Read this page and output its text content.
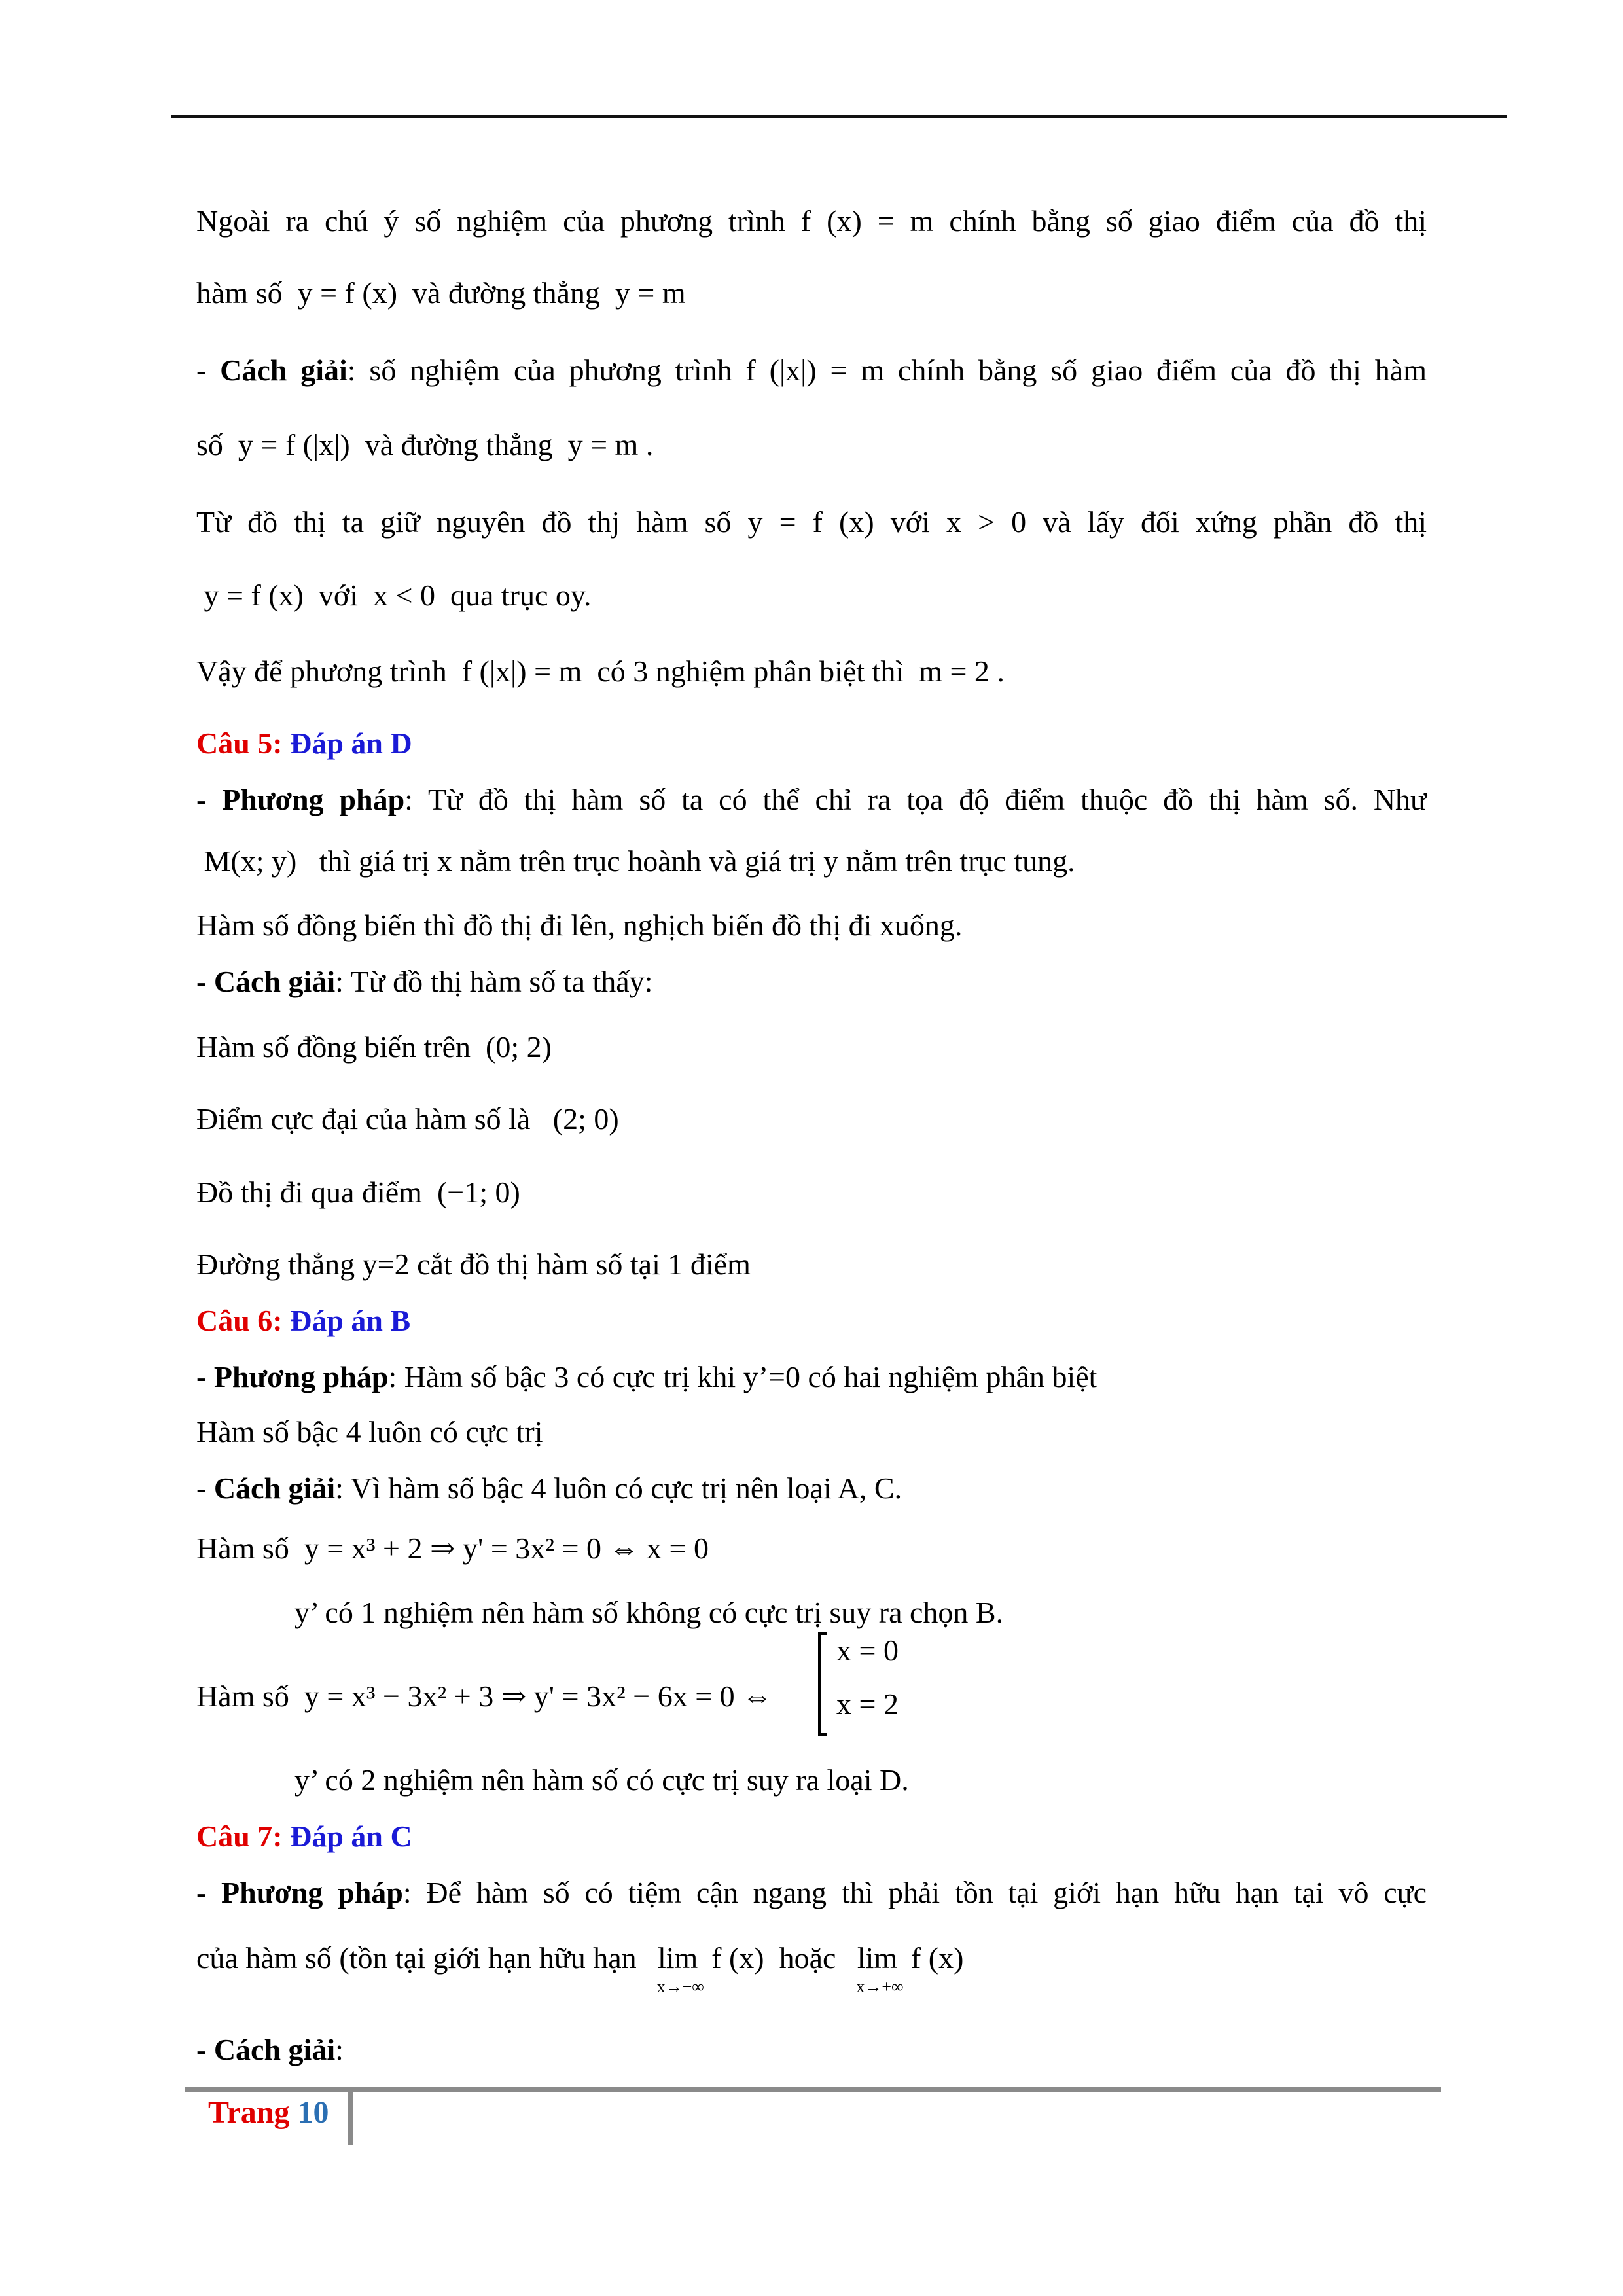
Ngoài ra chú ý số nghiệm của phương trình f (x) = m chính bằng số giao điểm của đồ thị
hàm số y = f (x) và đường thẳng y = m
- Cách giải: số nghiệm của phương trình f (|x|) = m chính bằng số giao điểm của đồ thị hàm
số y = f (|x|) và đường thẳng y = m .
Từ đồ thị ta giữ nguyên đồ thj hàm số y = f (x) với x > 0 và lấy đối xứng phần đồ thị
y = f (x) với x < 0 qua trục oy.
Vậy để phương trình f (|x|) = m có 3 nghiệm phân biệt thì m = 2 .
Câu 5: Đáp án D
- Phương pháp: Từ đồ thị hàm số ta có thể chỉ ra tọa độ điểm thuộc đồ thị hàm số. Như
M(x; y) thì giá trị x nằm trên trục hoành và giá trị y nằm trên trục tung.
Hàm số đồng biến thì đồ thị đi lên, nghịch biến đồ thị đi xuống.
- Cách giải: Từ đồ thị hàm số ta thấy:
Hàm số đồng biến trên (0; 2)
Điểm cực đại của hàm số là (2; 0)
Đồ thị đi qua điểm (−1; 0)
Đường thẳng y=2 cắt đồ thị hàm số tại 1 điểm
Câu 6: Đáp án B
- Phương pháp: Hàm số bậc 3 có cực trị khi y’=0 có hai nghiệm phân biệt
Hàm số bậc 4 luôn có cực trị
- Cách giải: Vì hàm số bậc 4 luôn có cực trị nên loại A, C.
Hàm số y = x³ + 2 ⇒ y' = 3x² = 0 ⇔ x = 0
y’ có 1 nghiệm nên hàm số không có cực trị suy ra chọn B.
Hàm số y = x³ − 3x² + 3 ⇒ y' = 3x² − 6x = 0 ⇔
x = 0
x = 2
y’ có 2 nghiệm nên hàm số có cực trị suy ra loại D.
Câu 7: Đáp án C
- Phương pháp: Để hàm số có tiệm cận ngang thì phải tồn tại giới hạn hữu hạn tại vô cực
của hàm số (tồn tại giới hạn hữu hạn lim
x→−∞
f (x) hoặc lim
x→+∞
f (x)
- Cách giải:
Trang 10
